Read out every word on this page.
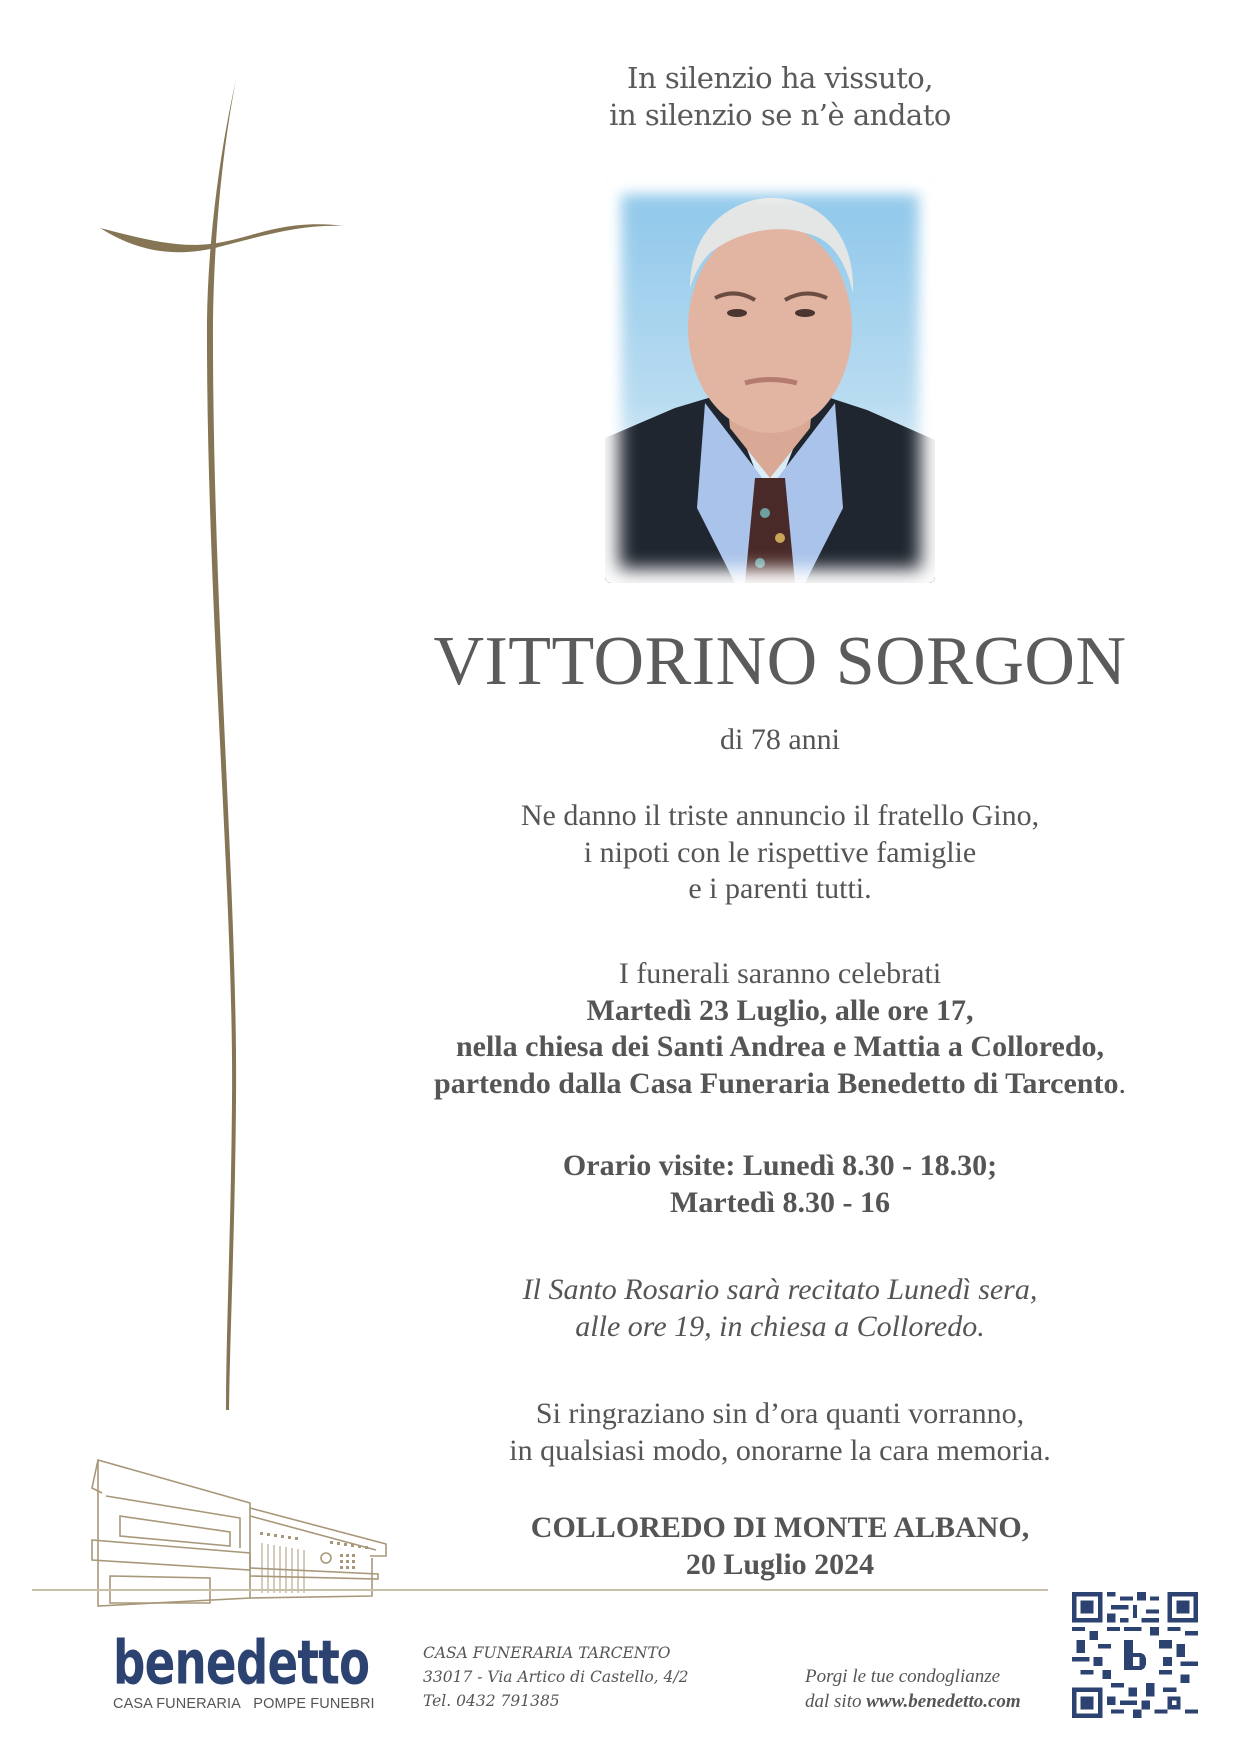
In silenzio ha vissuto,
in silenzio se n’è andato
VITTORINO SORGON
di 78 anni
Ne danno il triste annuncio il fratello Gino,
i nipoti con le rispettive famiglie
e i parenti tutti.
I funerali saranno celebrati
Martedì 23 Luglio, alle ore 17,
nella chiesa dei Santi Andrea e Mattia a Colloredo,
partendo dalla Casa Funeraria Benedetto di Tarcento.
Orario visite: Lunedì 8.30 - 18.30;
Martedì 8.30 - 16
Il Santo Rosario sarà recitato Lunedì sera,
alle ore 19, in chiesa a Colloredo.
Si ringraziano sin d’ora quanti vorranno,
in qualsiasi modo, onorarne la cara memoria.
COLLOREDO DI MONTE ALBANO,
20 Luglio 2024
benedetto
CASA FUNERARIA POMPE FUNEBRI
CASA FUNERARIA TARCENTO
33017 - Via Artico di Castello, 4/2
Tel. 0432 791385
Porgi le tue condoglianze
dal sito www.benedetto.com
